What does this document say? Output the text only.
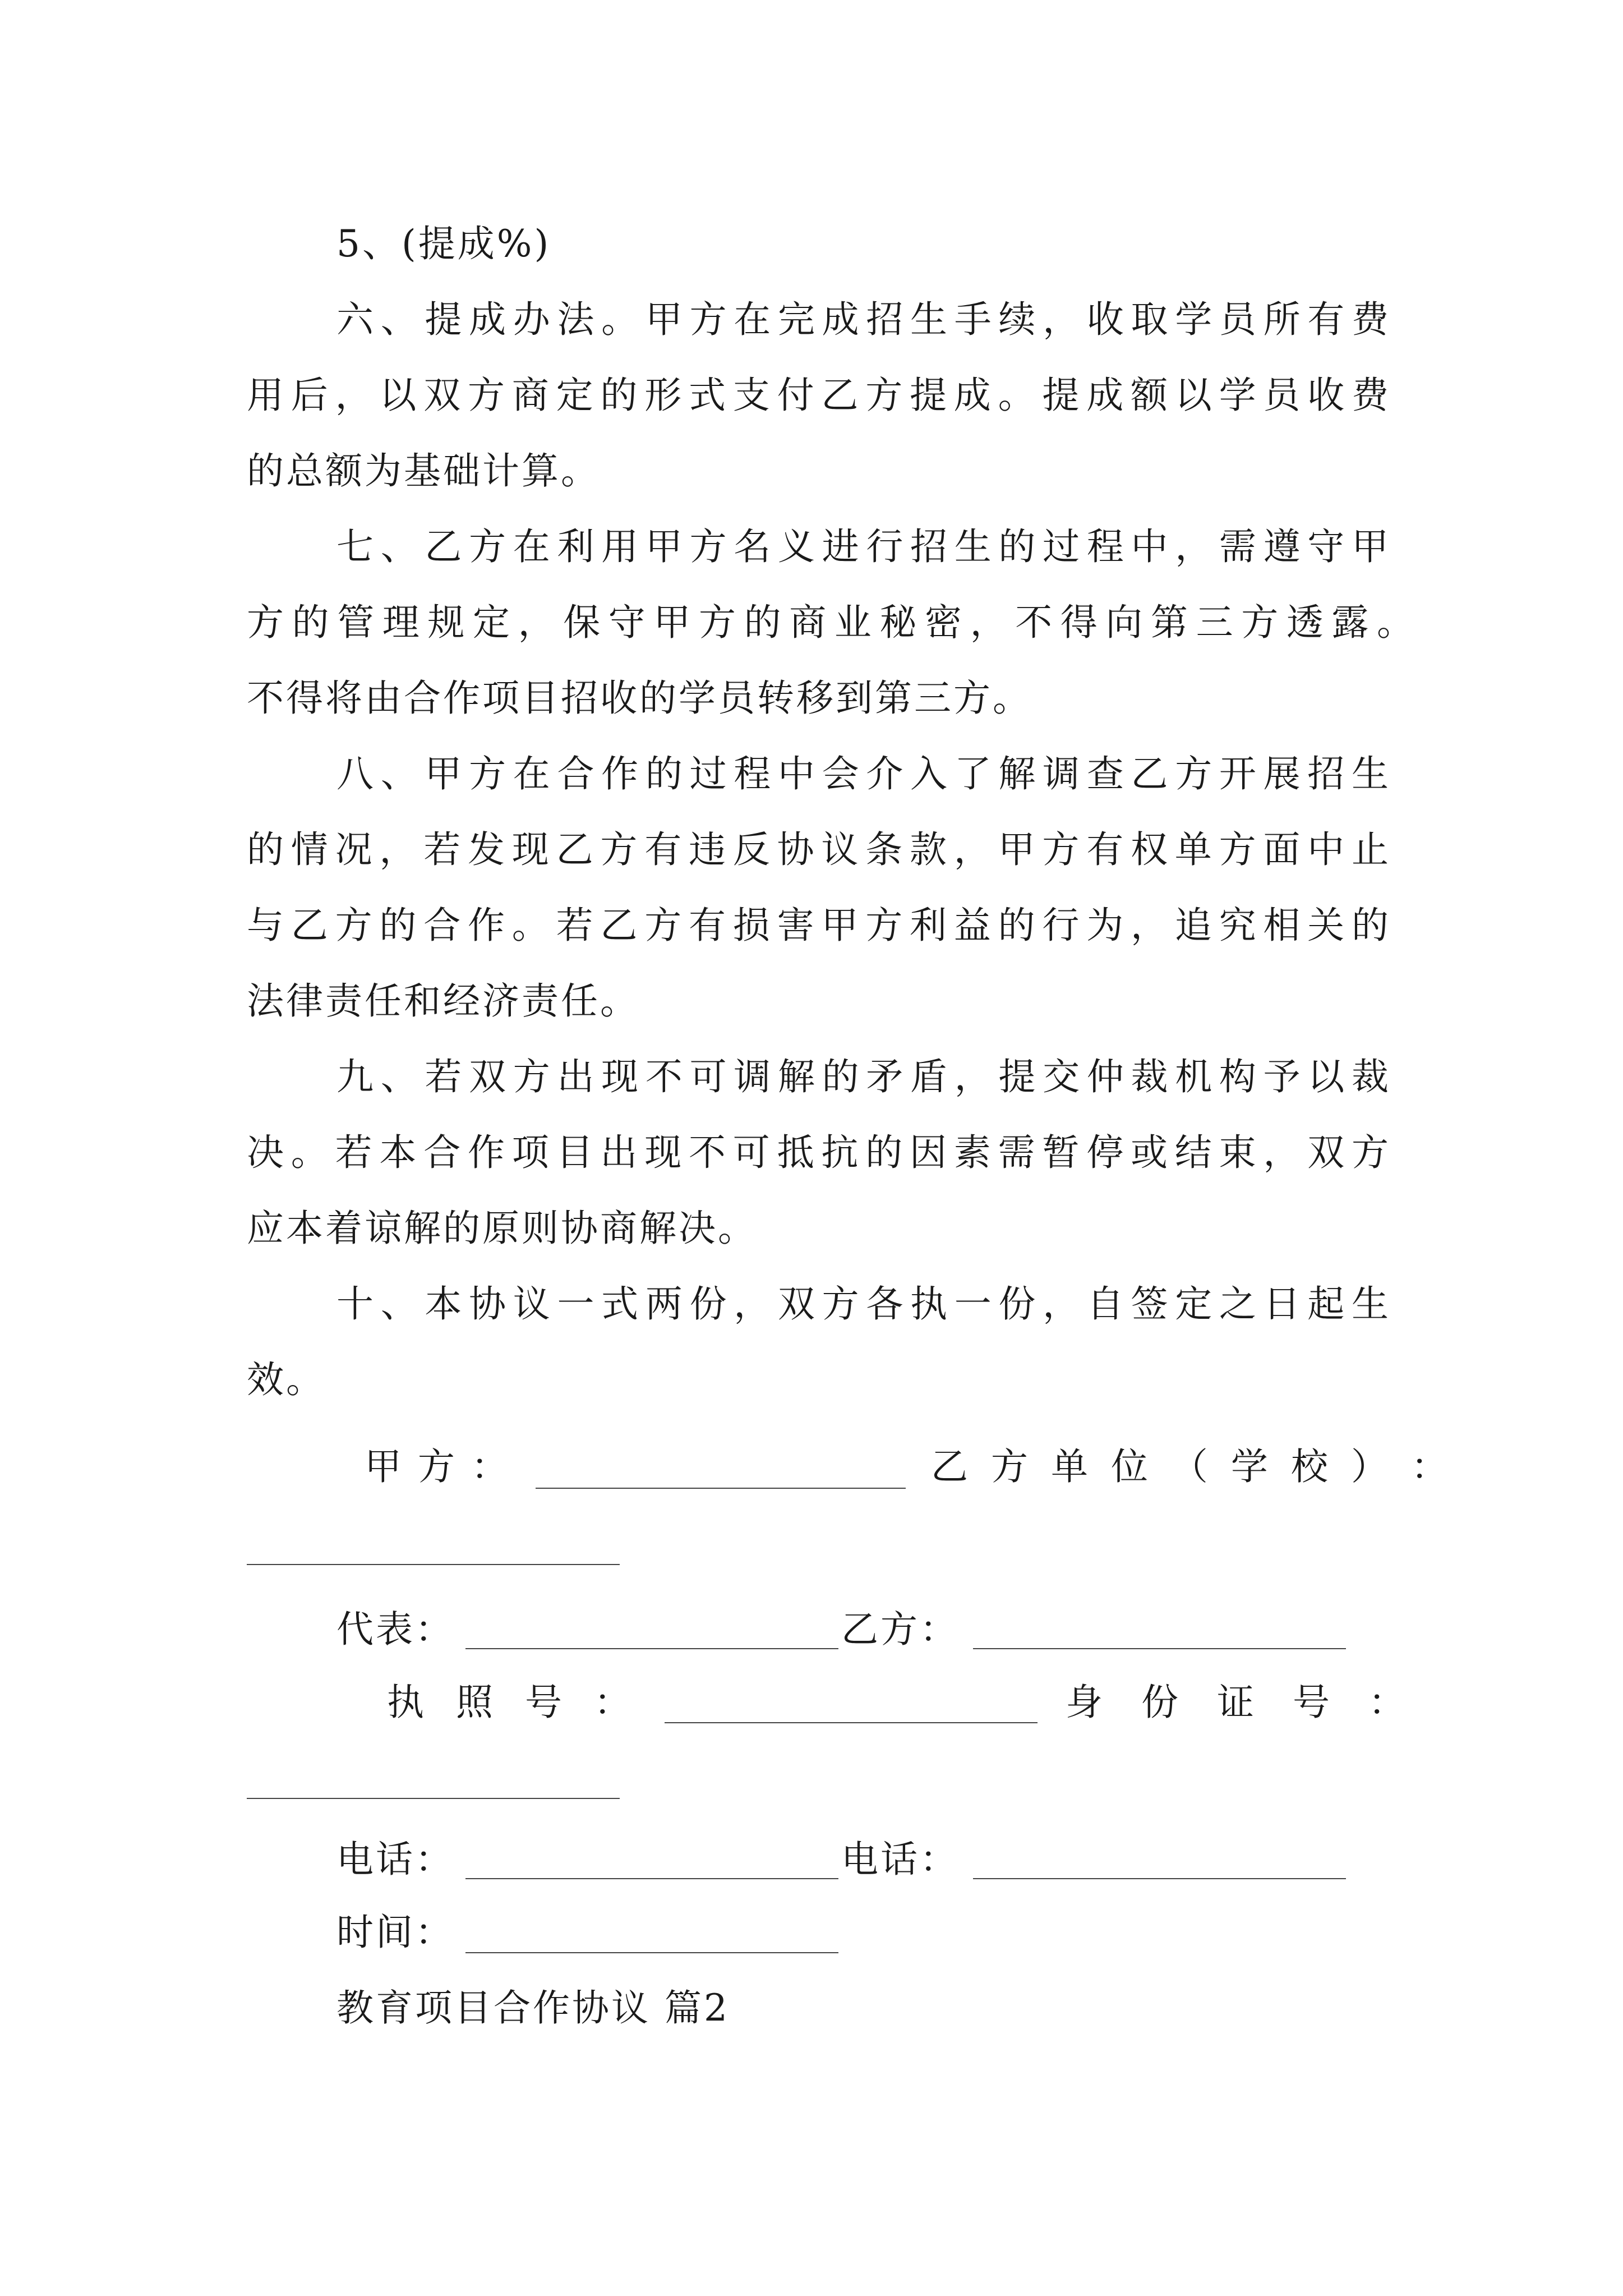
5、(提成%)
六、提成办法。甲方在完成招生手续，收取学员所有费
用后，以双方商定的形式支付乙方提成。提成额以学员收费
的总额为基础计算。
七、乙方在利用甲方名义进行招生的过程中，需遵守甲
方的管理规定，保守甲方的商业秘密，不得向第三方透露。
不得将由合作项目招收的学员转移到第三方。
八、甲方在合作的过程中会介入了解调查乙方开展招生
的情况，若发现乙方有违反协议条款，甲方有权单方面中止
与乙方的合作。若乙方有损害甲方利益的行为，追究相关的
法律责任和经济责任。
九、若双方出现不可调解的矛盾，提交仲裁机构予以裁
决。若本合作项目出现不可抵抗的因素需暂停或结束，双方
应本着谅解的原则协商解决。
十、本协议一式两份，双方各执一份，自签定之日起生
效。
甲 方 ：	乙 方 单 位 （ 学 校 ） ：
代表：	乙方：
执 照 号 ：	身 份 证 号 ：
电话：	电话：
时间：
教育项目合作协议 篇2
